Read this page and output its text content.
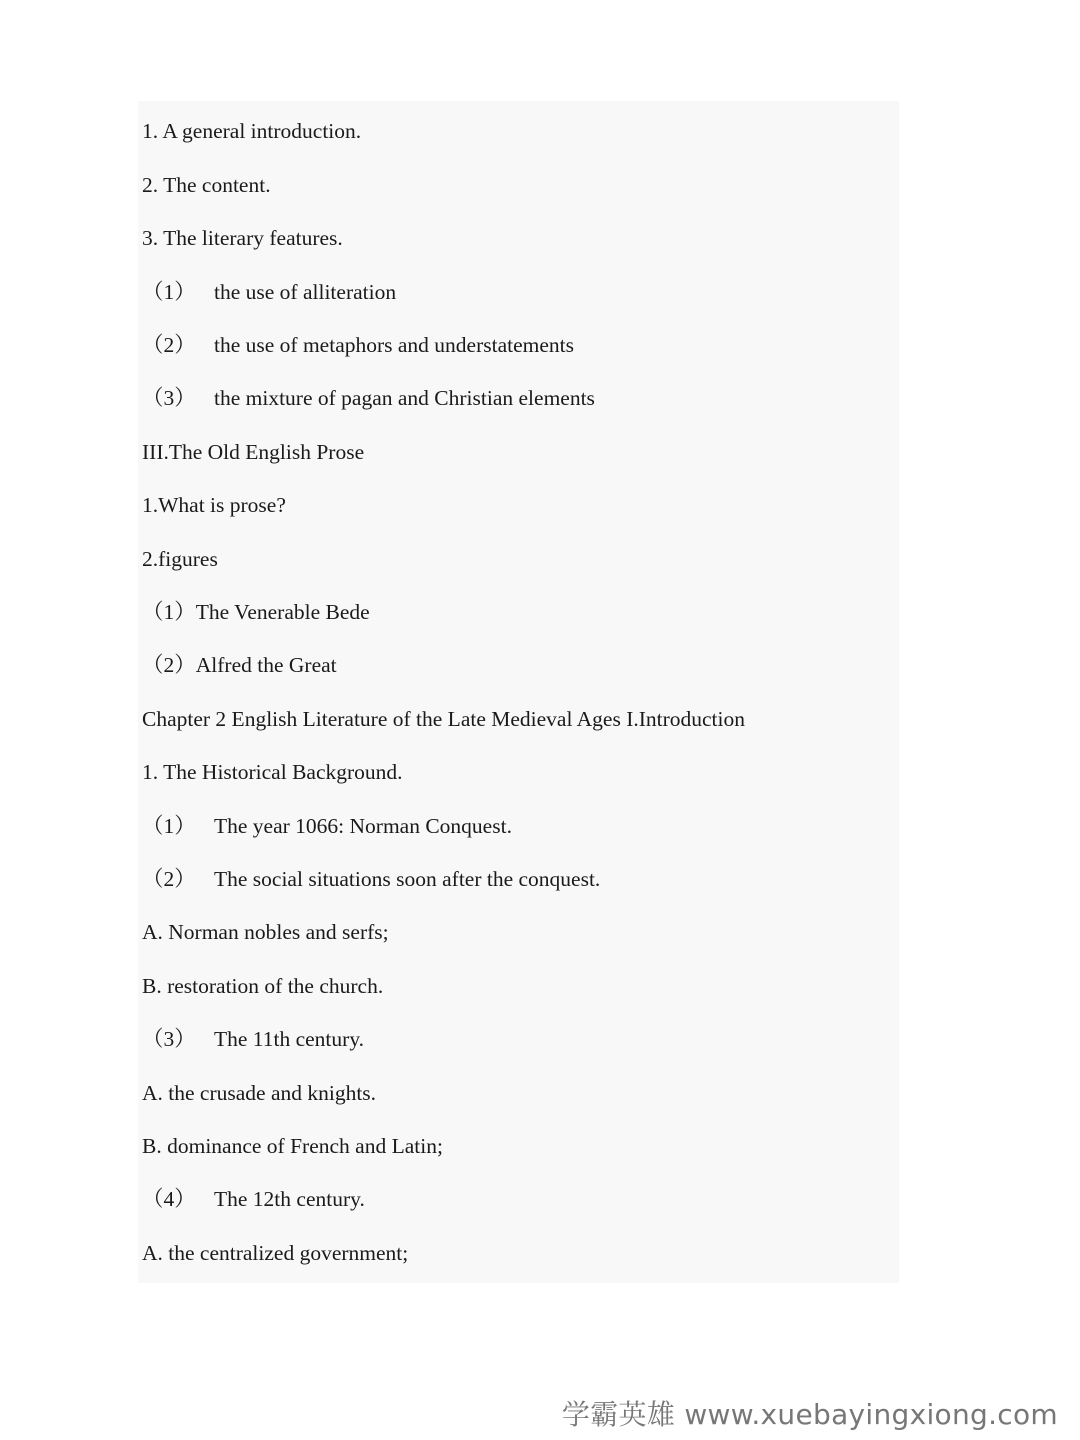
1. A general introduction.
2. The content.
3. The literary features.
（1） the use of alliteration
（2） the use of metaphors and understatements
（3） the mixture of pagan and Christian elements
III.The Old English Prose
1.What is prose?
2.figures
（1）The Venerable Bede
（2）Alfred the Great
Chapter 2 English Literature of the Late Medieval Ages I.Introduction
1. The Historical Background.
（1） The year 1066: Norman Conquest.
（2） The social situations soon after the conquest.
A. Norman nobles and serfs;
B. restoration of the church.
（3） The 11th century.
A. the crusade and knights.
B. dominance of French and Latin;
（4） The 12th century.
A. the centralized government;
学霸英雄 www.xuebayingxiong.com
